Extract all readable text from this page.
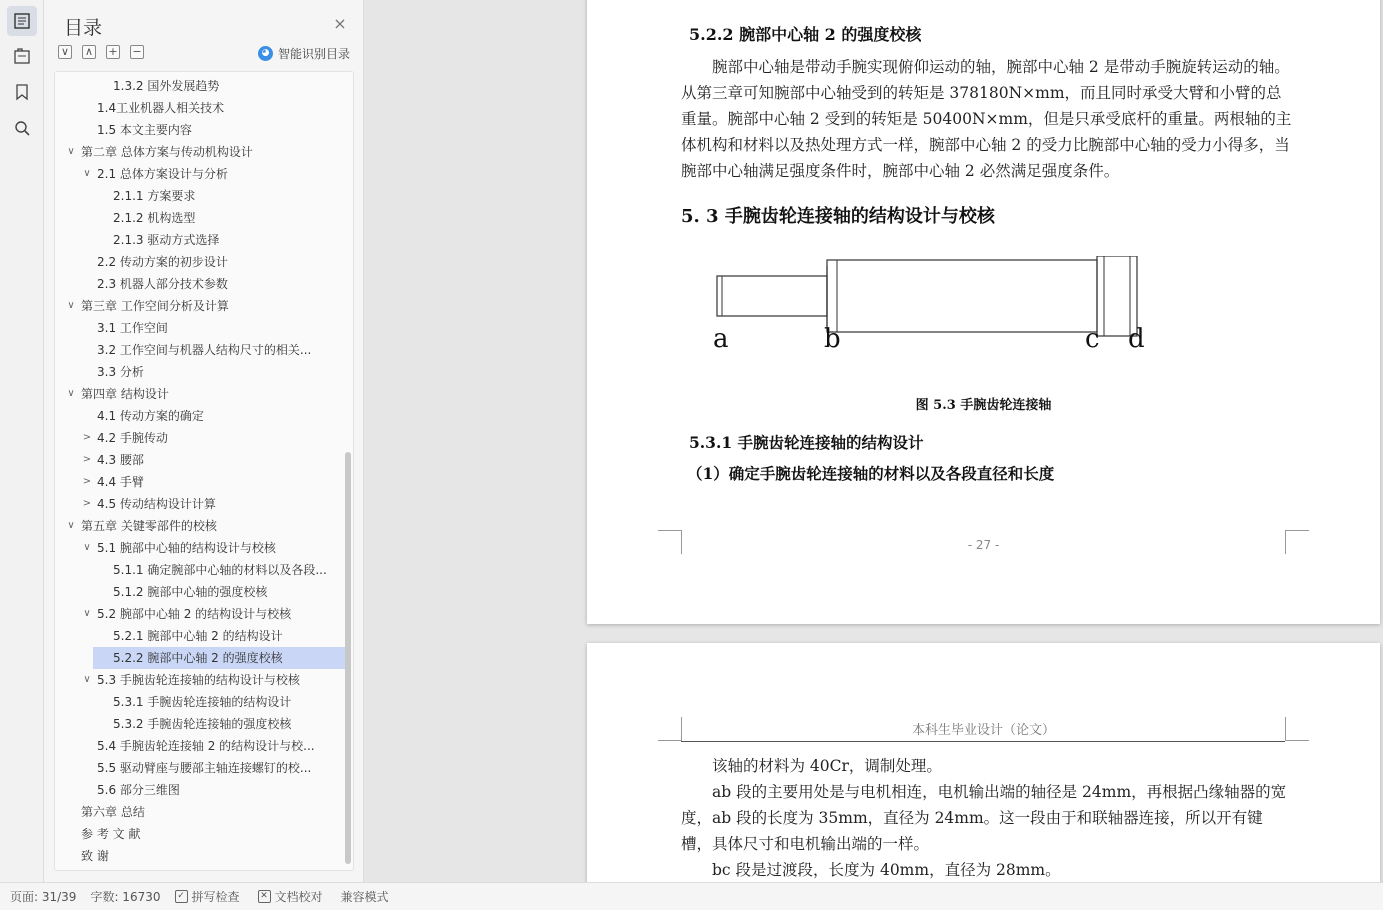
目录	×
∨ ∧ + −	◕ 智能识别目录
1.3.2 国外发展趋势
1.4工业机器人相关技术
1.5 本文主要内容
∨ 第二章 总体方案与传动机构设计
∨ 2.1 总体方案设计与分析
2.1.1 方案要求
2.1.2 机构选型
2.1.3 驱动方式选择
2.2 传动方案的初步设计
2.3 机器人部分技术参数
∨ 第三章 工作空间分析及计算
3.1 工作空间
3.2 工作空间与机器人结构尺寸的相关...
3.3 分析
∨ 第四章 结构设计
4.1 传动方案的确定
> 4.2 手腕传动
> 4.3 腰部
> 4.4 手臂
> 4.5 传动结构设计计算
∨ 第五章 关键零部件的校核
∨ 5.1 腕部中心轴的结构设计与校核
5.1.1 确定腕部中心轴的材料以及各段...
5.1.2 腕部中心轴的强度校核
∨ 5.2 腕部中心轴 2 的结构设计与校核
5.2.1 腕部中心轴 2 的结构设计
5.2.2 腕部中心轴 2 的强度校核
∨ 5.3 手腕齿轮连接轴的结构设计与校核
5.3.1 手腕齿轮连接轴的结构设计
5.3.2 手腕齿轮连接轴的强度校核
5.4 手腕齿轮连接轴 2 的结构设计与校...
5.5 驱动臂座与腰部主轴连接螺钉的校...
5.6 部分三维图
第六章 总结
参 考 文 献
致 谢
5.2.2 腕部中心轴 2 的强度校核
腕部中心轴是带动手腕实现俯仰运动的轴，腕部中心轴 2 是带动手腕旋转运动的轴。从第三章可知腕部中心轴受到的转矩是 378180N×mm，而且同时承受大臂和小臂的总重量。腕部中心轴 2 受到的转矩是 50400N×mm，但是只承受底杆的重量。两根轴的主体机构和材料以及热处理方式一样，腕部中心轴 2 的受力比腕部中心轴的受力小得多，当腕部中心轴满足强度条件时，腕部中心轴 2 必然满足强度条件。
5. 3 手腕齿轮连接轴的结构设计与校核
a	b	c d
图 5.3 手腕齿轮连接轴
5.3.1 手腕齿轮连接轴的结构设计
（1）确定手腕齿轮连接轴的材料以及各段直径和长度
- 27 -
本科生毕业设计（论文）
该轴的材料为 40Cr，调制处理。
ab 段的主要用处是与电机相连，电机输出端的轴径是 24mm，再根据凸缘轴器的宽度，ab 段的长度为 35mm，直径为 24mm。这一段由于和联轴器连接，所以开有键槽，具体尺寸和电机输出端的一样。
bc 段是过渡段，长度为 40mm，直径为 28mm。
页面: 31/39 字数: 16730	✓ 拼写检查	✕ 文档校对 兼容模式
